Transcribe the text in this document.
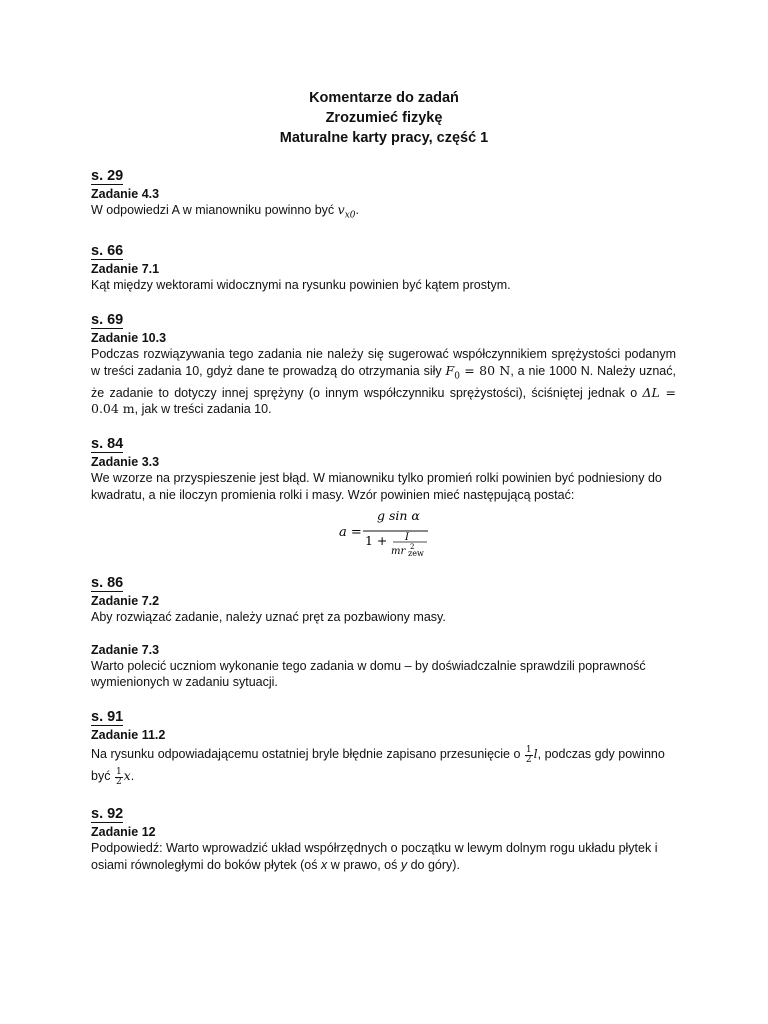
Komentarze do zadań
Zrozumieć fizykę
Maturalne karty pracy, część 1
s. 29
Zadanie 4.3

W odpowiedzi A w mianowniku powinno być $v_{x0}$.

s. 66
Zadanie 7.1

Kąt między wektorami widocznymi na rysunku powinien być kątem prostym.

s. 69
Zadanie 10.3

Podczas rozwiązywania tego zadania nie należy się sugerować współczynnikiem sprężystości podanym w treści zadania 10, gdyż dane te prowadzą do otrzymania siły $F_0 = 80$ N, a nie 1000 N. Należy uznać, że zadanie to dotyczy innej sprężyny (o innym współczynniku sprężystości), ściśniętej jednak o ΔL = 0.04 m, jak w treści zadania 10.

s. 84
Zadanie 3.3

We wzorze na przyspieszenie jest błąd. W mianowniku tylko promień rolki powinien być podniesiony do kwadratu, a nie iloczyn promienia rolki i masy. Wzór powinien mieć następującą postać:

a =
g sin α
1 + I
mr 2
zew
s. 86
Zadanie 7.2

Aby rozwiązać zadanie, należy uznać pręt za pozbawiony masy.

Zadanie 7.3

Warto polecić uczniom wykonanie tego zadania w domu – by doświadczalnie sprawdzili poprawność wymienionych w zadaniu sytuacji.

s. 91
Zadanie 11.2

Na rysunku odpowiadającemu ostatniej bryle błędnie zapisano przesunięcie o $\frac{1}{2} l$, podczas gdy powinno być $\frac{1}{2} x$.

s. 92
Zadanie 12

Podpowiedź: Warto wprowadzić układ współrzędnych o początku w lewym dolnym rogu układu płytek i osiami równoległymi do boków płytek (oś x w prawo, oś y do góry).
